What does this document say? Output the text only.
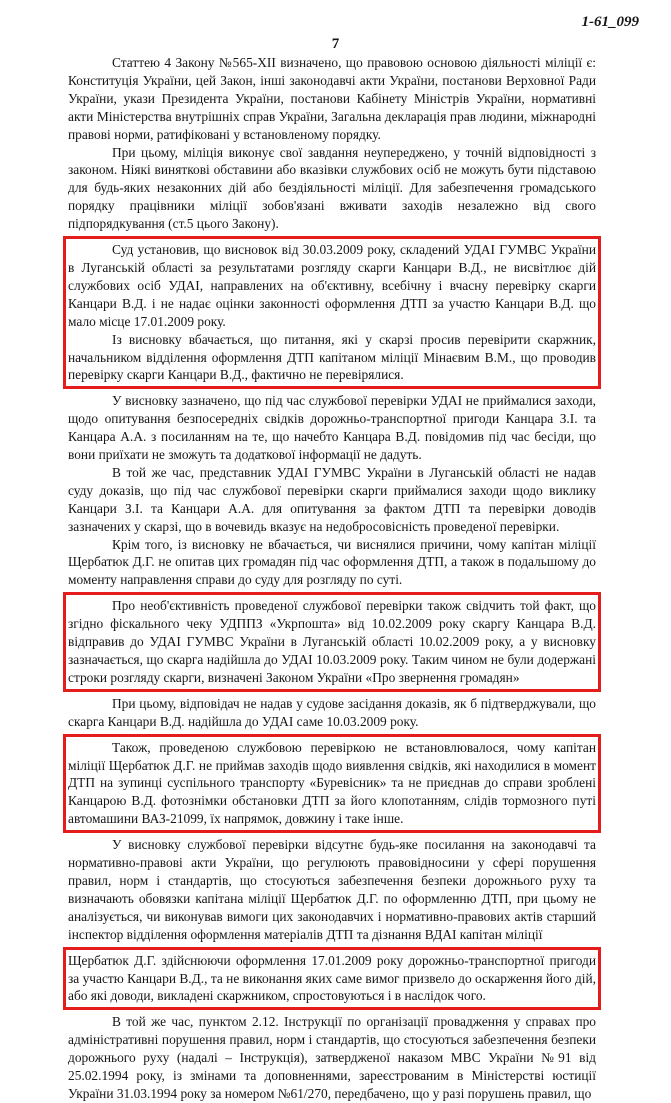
1-61_099
7

Статтею 4 Закону №565-XII визначено, що правовою основою діяльності міліції є: Конституція України, цей Закон, інші законодавчі акти України, постанови Верховної Ради України, укази Президента України, постанови Кабінету Міністрів України, нормативні акти Міністерства внутрішніх справ України, Загальна декларація прав людини, міжнародні правові норми, ратифіковані у встановленому порядку.

При цьому, міліція виконує свої завдання неупереджено, у точній відповідності з законом. Ніякі виняткові обставини або вказівки службових осіб не можуть бути підставою для будь-яких незаконних дій або бездіяльності міліції. Для забезпечення громадського порядку працівники міліції зобов'язані вживати заходів незалежно від свого підпорядкування (ст.5 цього Закону).

Суд установив, що висновок від 30.03.2009 року, складений УДАІ ГУМВС України в Луганській області за результатами розгляду скарги Канцари В.Д., не висвітлює дій службових осіб УДАІ, направлених на об'єктивну, всебічну і вчасну перевірку скарги Канцари В.Д. і не надає оцінки законності оформлення ДТП за участю Канцари В.Д. що мало місце 17.01.2009 року.

Із висновку вбачається, що питання, які у скарзі просив перевірити скаржник, начальником відділення оформлення ДТП капітаном міліції Мінаєвим В.М., що проводив перевірку скарги Канцари В.Д., фактично не перевірялися.

У висновку зазначено, що під час службової перевірки УДАІ не приймалися заходи, щодо опитування безпосередніх свідків дорожньо-транспортної пригоди Канцара З.І. та Канцара А.А. з посиланням на те, що начебто Канцара В.Д. повідомив під час бесіди, що вони приїхати не зможуть та додаткової інформації не дадуть.

В той же час, представник УДАІ ГУМВС України в Луганській області не надав суду доказів, що під час службової перевірки скарги приймалися заходи щодо виклику Канцари З.І. та Канцари А.А. для опитування за фактом ДТП та перевірки доводів зазначених у скарзі, що в вочевидь вказує на недобросовісність проведеної перевірки.

Крім того, із висновку не вбачається, чи виснялися причини, чому капітан міліції Щербатюк Д.Г. не опитав цих громадян під час оформлення ДТП, а також в подальшому до моменту направлення справи до суду для розгляду по суті.

Про необ'єктивність проведеної службової перевірки також свідчить той факт, що згідно фіскального чеку УДППЗ «Укрпошта» від 10.02.2009 року скаргу Канцара В.Д. відправив до УДАІ ГУМВС України в Луганській області 10.02.2009 року, а у висновку зазначається, що скарга надійшла до УДАІ 10.03.2009 року. Таким чином не були додержані строки розгляду скарги, визначені Законом України «Про звернення громадян»

При цьому, відповідач не надав у судове засідання доказів, як б підтверджували, що скарга Канцари В.Д. надійшла до УДАІ саме 10.03.2009 року.

Також, проведеною службовою перевіркою не встановлювалося, чому капітан міліції Щербатюк Д.Г. не приймав заходів щодо виявлення свідків, які находилися в момент ДТП на зупинці суспільного транспорту «Буревісник» та не приєднав до справи зроблені Канцарою В.Д. фотознімки обстановки ДТП за його клопотанням, слідів тормозного путі автомашини ВАЗ-21099, їх напрямок, довжину і таке інше.

У висновку службової перевірки відсутнє будь-яке посилання на законодавчі та нормативно-правові акти України, що регулюють правовідносини у сфері порушення правил, норм і стандартів, що стосуються забезпечення безпеки дорожнього руху та визначають обовязки капітана міліції Щербатюк Д.Г. по оформленню ДТП, при цьому не аналізується, чи виконував вимоги цих законодавчих і нормативно-правових актів старший інспектор відділення оформлення матеріалів ДТП та дізнання ВДАІ капітан міліції

Щербатюк Д.Г. здійснюючи оформлення 17.01.2009 року дорожньо-транспортної пригоди за участю Канцари В.Д., та не виконання яких саме вимог призвело до оскарження його дій, або які доводи, викладені скаржником, спростовуються і в наслідок чого.

В той же час, пунктом 2.12. Інструкції по організації провадження у справах про адміністративні порушення правил, норм і стандартів, що стосуються забезпечення безпеки дорожнього руху (надалі – Інструкція), затвердженої наказом МВС України №91 від 25.02.1994 року, із змінами та доповненнями, зареєстрованим в Міністерстві юстиції України 31.03.1994 року за номером №61/270, передбачено, що у разі порушень правил, що
